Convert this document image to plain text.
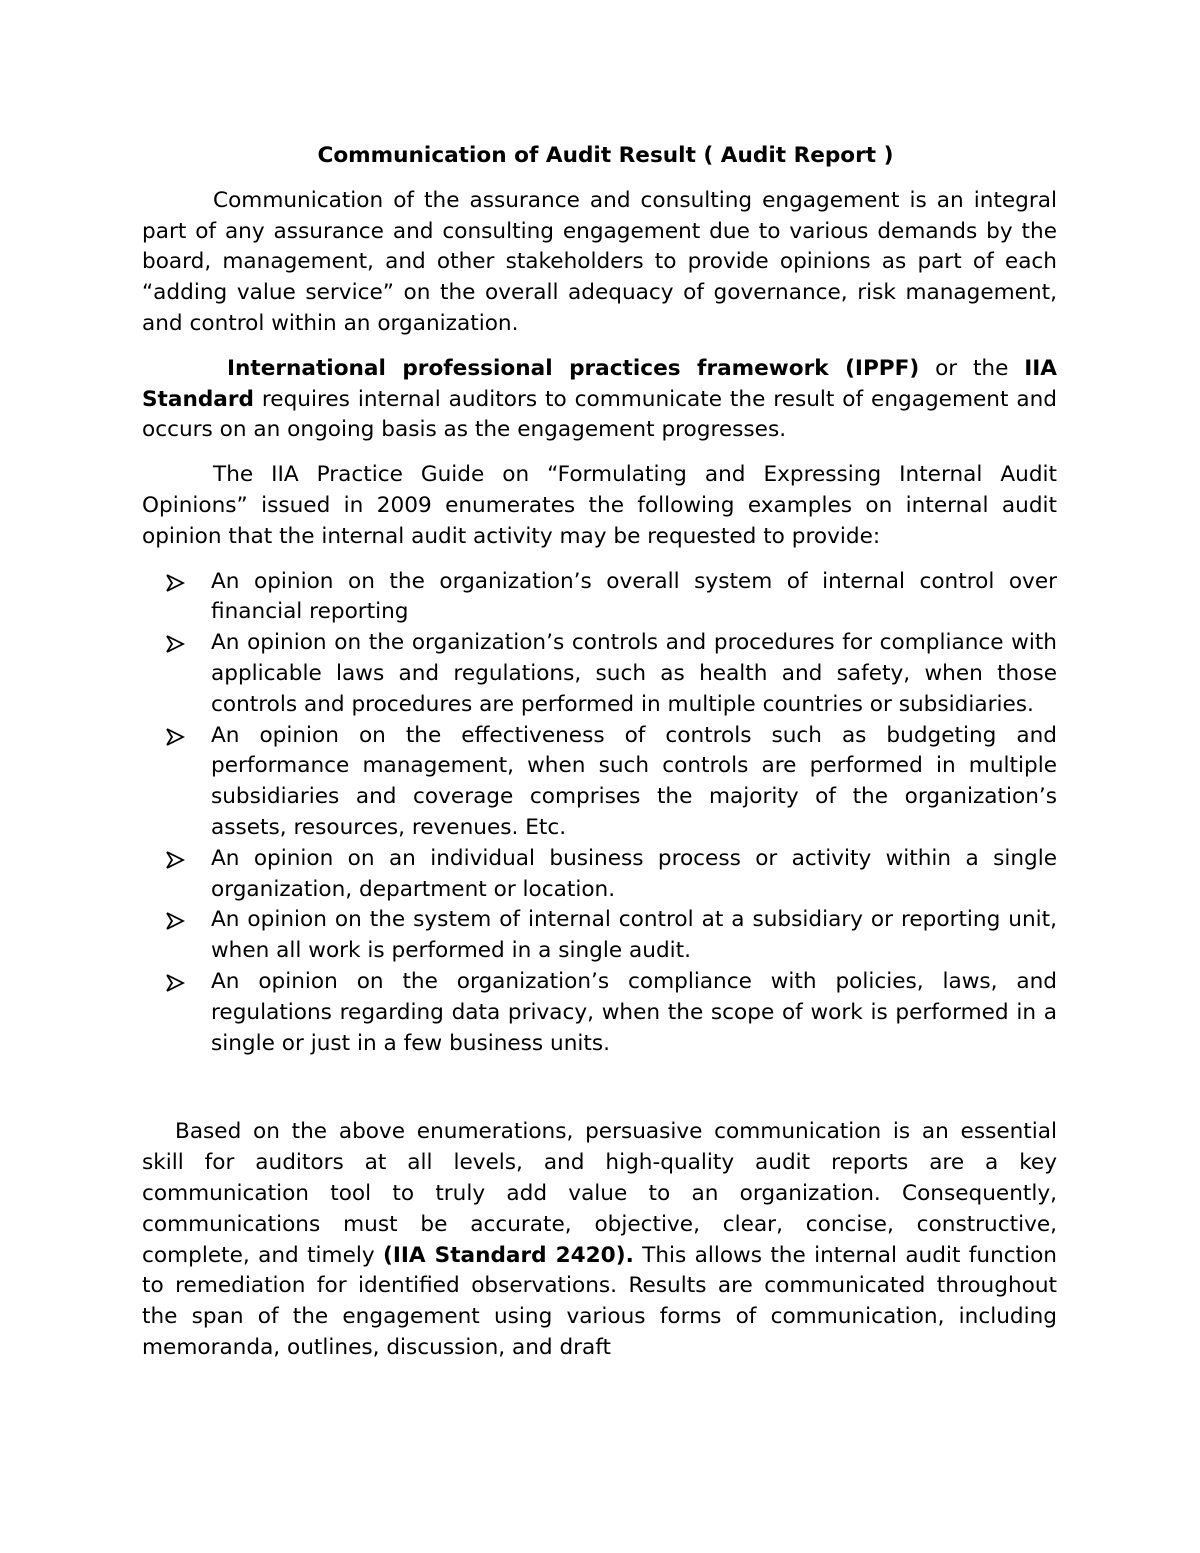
Communication of Audit Result ( Audit Report )

Communication of the assurance and consulting engagement is an integral part of any assurance and consulting engagement due to various demands by the board, management, and other stakeholders to provide opinions as part of each “adding value service” on the overall adequacy of governance, risk management, and control within an organization.

International professional practices framework (IPPF) or the IIA Standard requires internal auditors to communicate the result of engagement and occurs on an ongoing basis as the engagement progresses.

The IIA Practice Guide on “Formulating and Expressing Internal Audit Opinions” issued in 2009 enumerates the following examples on internal audit opinion that the internal audit activity may be requested to provide:

An opinion on the organization’s overall system of internal control over financial reporting
An opinion on the organization’s controls and procedures for compliance with applicable laws and regulations, such as health and safety, when those controls and procedures are performed in multiple countries or subsidiaries.
An opinion on the effectiveness of controls such as budgeting and performance management, when such controls are performed in multiple subsidiaries and coverage comprises the majority of the organization’s assets, resources, revenues. Etc.
An opinion on an individual business process or activity within a single organization, department or location.
An opinion on the system of internal control at a subsidiary or reporting unit, when all work is performed in a single audit.
An opinion on the organization’s compliance with policies, laws, and regulations regarding data privacy, when the scope of work is performed in a single or just in a few business units.

Based on the above enumerations, persuasive communication is an essential skill for auditors at all levels, and high-quality audit reports are a key communication tool to truly add value to an organization. Consequently, communications must be accurate, objective, clear, concise, constructive, complete, and timely (IIA Standard 2420). This allows the internal audit function to remediation for identified observations. Results are communicated throughout the span of the engagement using various forms of communication, including memoranda, outlines, discussion, and draft
